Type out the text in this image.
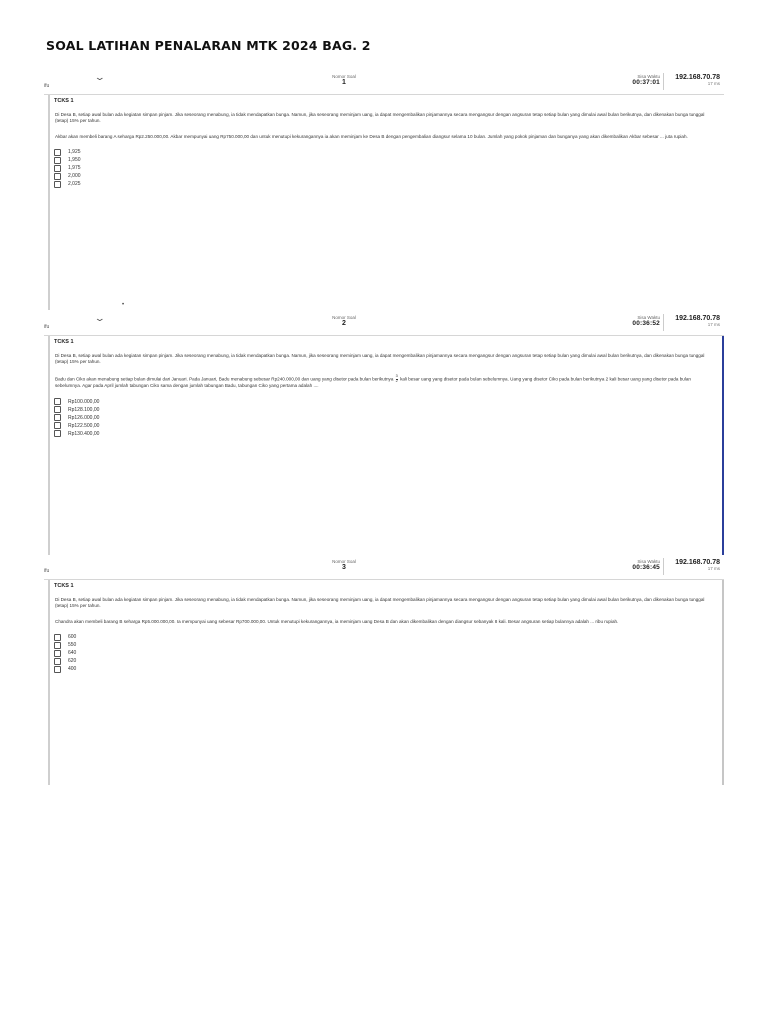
SOAL LATIHAN PENALARAN MTK 2024 BAG. 2
ifu
⌄	Nomor Soal
1
Sisa Waktu
00:37:01
192.168.70.78
17 ms
TCKS 1

Di Desa B, setiap awal bulan ada kegiatan simpan pinjam. Jika seseorang menabung, ia tidak mendapatkan bunga. Namun, jika seseorang meminjam uang, ia dapat mengembalikan pinjamannya secara mengangsur dengan angsuran tetap setiap bulan yang dimulai awal bulan berikutnya, dan dikenakan bunga tunggal (tetap) 15% per tahun.

Akbar akan membeli barang A seharga Rp2.250.000,00. Akbar mempunyai uang Rp750.000,00 dan untuk menutupi kekurangannya ia akan meminjam ke Desa B dengan pengembalian diangsur selama 10 bulan. Jumlah yang pokok pinjaman dan bunganya yang akan dikembalikan Akbar sebesar ... juta rupiah.

1,925
1,950
1,975
2,000
2,025
•
ifu
⌄	Nomor Soal
2
Sisa Waktu
00:36:52
192.168.70.78
17 ms
TCKS 1

Di Desa B, setiap awal bulan ada kegiatan simpan pinjam. Jika seseorang menabung, ia tidak mendapatkan bunga. Namun, jika seseorang meminjam uang, ia dapat mengembalikan pinjamannya secara mengangsur dengan angsuran tetap setiap bulan yang dimulai awal bulan berikutnya, dan dikenakan bunga tunggal (tetap) 15% per tahun.

Badu dan Ciko akan menabung setiap bulan dimulai dari Januari. Pada Januari, Badu menabung sebesar Rp240.000,00 dan uang yang disetor pada bulan berikutnya $\frac{3}{2}$ kali besar uang yang disetor pada bulan sebelumnya. Uang yang disetor Ciko pada bulan berikutnya 2 kali besar uang yang disetor pada bulan sebelumnya. Agar pada April jumlah tabungan Ciko sama dengan jumlah tabungan Badu, tabungan Ciko yang pertama adalah ....

Rp100.000,00
Rp128.100,00
Rp126.000,00
Rp122.500,00
Rp130.400,00
ifu
Nomor Soal
3
Sisa Waktu
00:36:45
192.168.70.78
17 ms
TCKS 1

Di Desa B, setiap awal bulan ada kegiatan simpan pinjam. Jika seseorang menabung, ia tidak mendapatkan bunga. Namun, jika seseorang meminjam uang, ia dapat mengembalikan pinjamannya secara mengangsur dengan angsuran tetap setiap bulan yang dimulai awal bulan berikutnya, dan dikenakan bunga tunggal (tetap) 15% per tahun.

Chandra akan membeli barang B seharga Rp5.000.000,00. Ia mempunyai uang sebesar Rp700.000,00. Untuk menutupi kekurangannya, ia meminjam uang Desa B dan akan dikembalikan dengan diangsur sebanyak 8 kali. Besar angsuran setiap bulannya adalah ... ribu rupiah.

600
550
640
620
400
